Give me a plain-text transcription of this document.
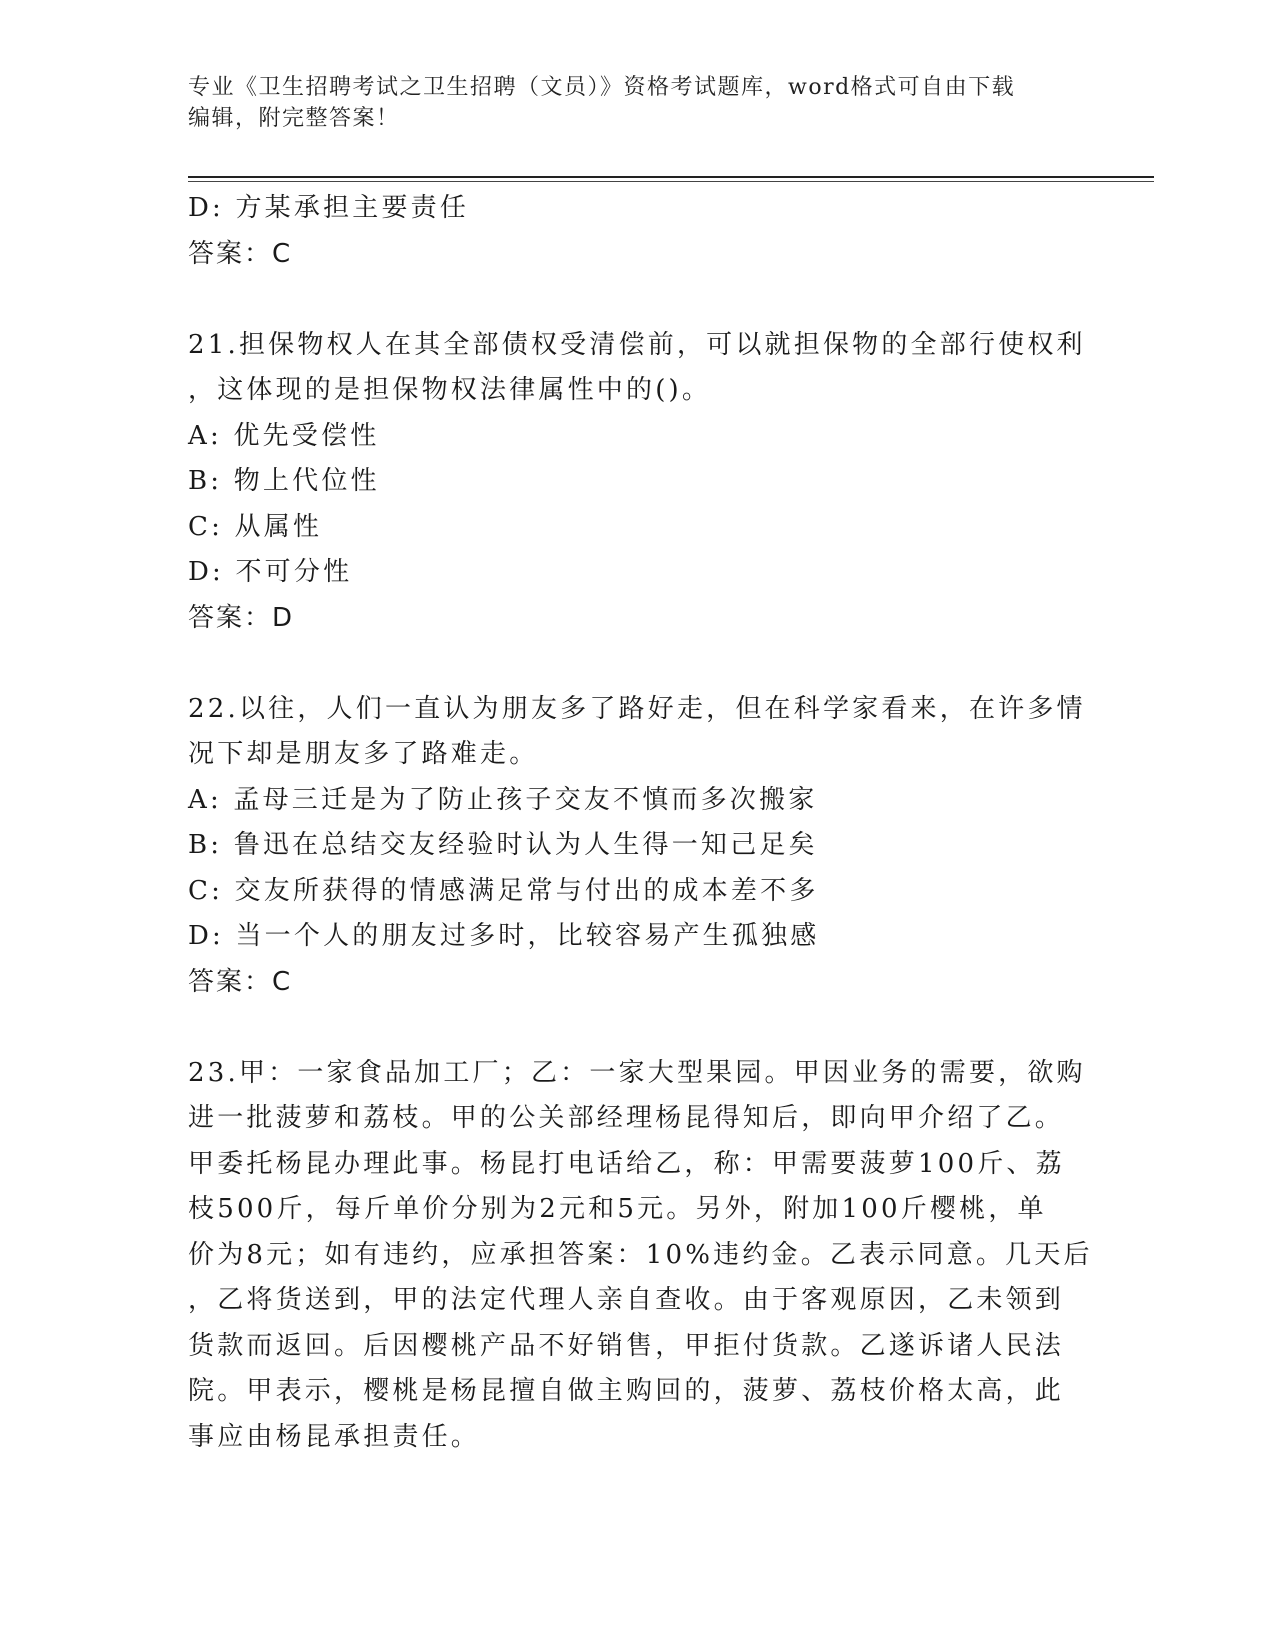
专业《卫生招聘考试之卫生招聘（文员）》资格考试题库，word格式可自由下载
编辑，附完整答案！
D: 方某承担主要责任
答案：C
21.担保物权人在其全部债权受清偿前，可以就担保物的全部行使权利
，这体现的是担保物权法律属性中的()。
A: 优先受偿性
B: 物上代位性
C: 从属性
D: 不可分性
答案：D
22.以往，人们一直认为朋友多了路好走，但在科学家看来，在许多情
况下却是朋友多了路难走。
A: 孟母三迁是为了防止孩子交友不慎而多次搬家
B: 鲁迅在总结交友经验时认为人生得一知己足矣
C: 交友所获得的情感满足常与付出的成本差不多
D: 当一个人的朋友过多时，比较容易产生孤独感
答案：C
23.甲：一家食品加工厂；乙：一家大型果园。甲因业务的需要，欲购
进一批菠萝和荔枝。甲的公关部经理杨昆得知后，即向甲介绍了乙。
甲委托杨昆办理此事。杨昆打电话给乙，称：甲需要菠萝100斤、荔
枝500斤，每斤单价分别为2元和5元。另外，附加100斤樱桃，单
价为8元；如有违约，应承担答案：10%违约金。乙表示同意。几天后
，乙将货送到，甲的法定代理人亲自查收。由于客观原因，乙未领到
货款而返回。后因樱桃产品不好销售，甲拒付货款。乙遂诉诸人民法
院。甲表示，樱桃是杨昆擅自做主购回的，菠萝、荔枝价格太高，此
事应由杨昆承担责任。
